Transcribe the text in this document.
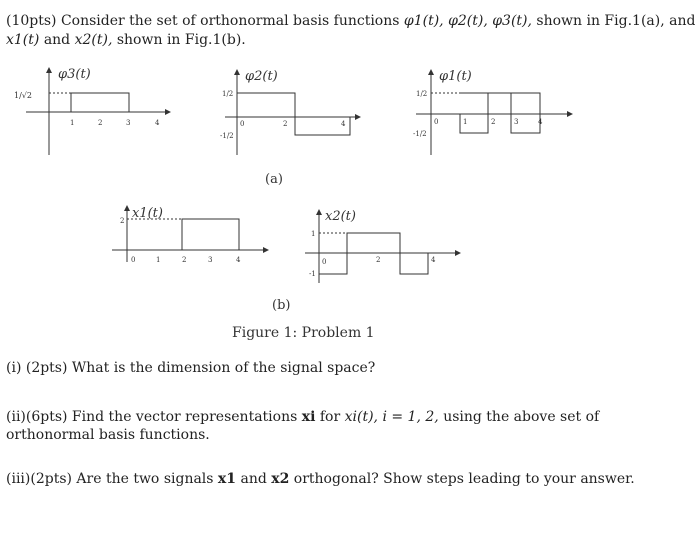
(10pts) Consider the set of orthonormal basis functions φ1(t), φ2(t), φ3(t), shown in Fig.1(a), and
x1(t) and x2(t), shown in Fig.1(b).
φ3(t)
1/√2
1	2	3	4
φ2(t)
1/2
-1/2
0	2	4
φ1(t)
1/2
-1/2
0	1	2	3	4
(a)
x1(t)
2
0	1	2	3	4
x2(t)
1
-1
0	2	4
(b)
Figure 1: Problem 1
(i) (2pts) What is the dimension of the signal space?
(ii)(6pts) Find the vector representations xi for xi(t), i = 1, 2, using the above set of orthonormal basis functions.
(iii)(2pts) Are the two signals x1 and x2 orthogonal? Show steps leading to your answer.
